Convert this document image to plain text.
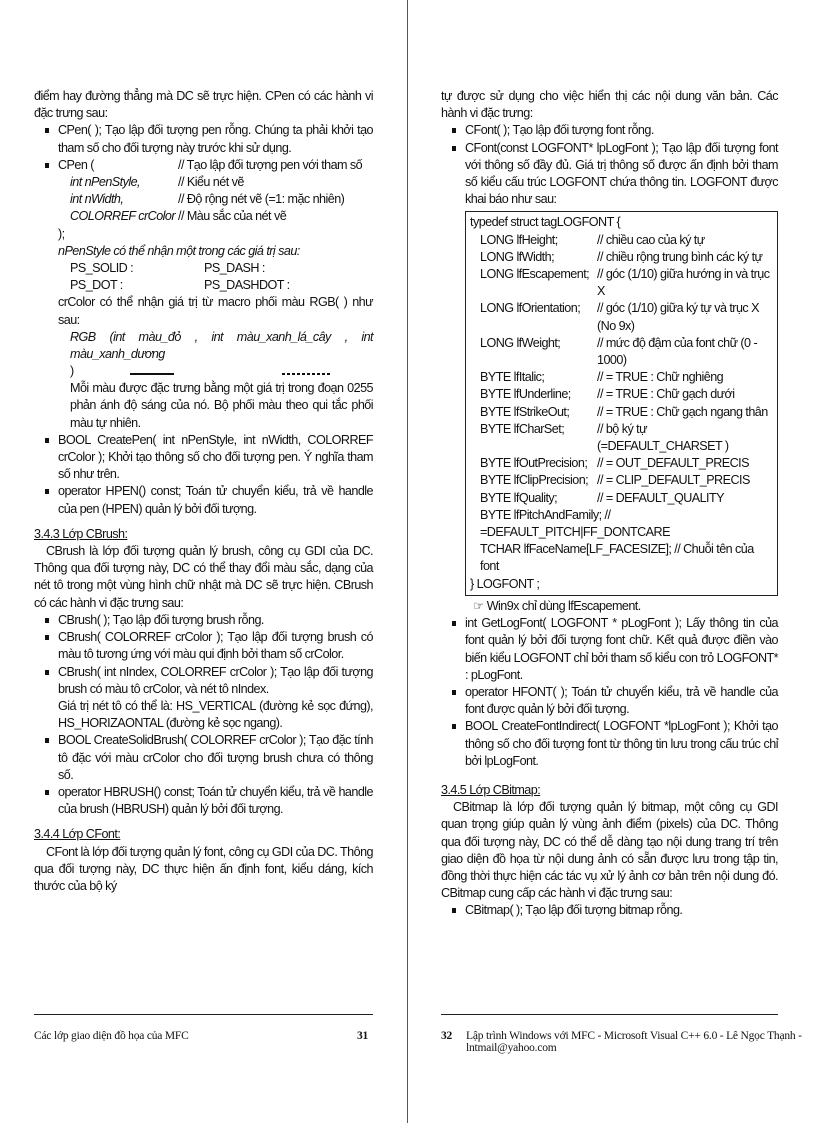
điểm hay đường thẳng mà DC sẽ trực hiện. CPen có các hành vi đặc trưng sau:

CPen( ); Tạo lập đối tượng pen rỗng. Chúng ta phải khởi tạo tham số cho đối tượng này trước khi sử dụng.

CPen (	// Tạo lập đối tượng pen với tham số
int nPenStyle,	// Kiểu nét vẽ
int nWidth,	// Độ rộng nét vẽ (=1: mặc nhiên)
COLORREF crColor // Màu sắc của nét vẽ

);

nPenStyle có thể nhận một trong các giá trị sau:

PS_SOLID :	PS_DASH :
PS_DOT :	PS_DASHDOT :

crColor có thể nhận giá trị từ macro phối màu RGB( ) như sau:

RGB (int màu_đỏ , int màu_xanh_lá_cây , int màu_xanh_dương

)

Mỗi màu được đặc trưng bằng một giá trị trong đoạn 0255 phản ánh độ sáng của nó. Bộ phối màu theo qui tắc phối màu tự nhiên.

BOOL CreatePen( int nPenStyle, int nWidth, COLORREF crColor ); Khởi tạo thông số cho đối tượng pen. Ý nghĩa tham số như trên.

operator HPEN() const; Toán tử chuyển kiểu, trả về handle của pen (HPEN) quản lý bởi đối tượng.

3.4.3 Lớp CBrush:

CBrush là lớp đối tượng quản lý brush, công cụ GDI của DC. Thông qua đối tượng này, DC có thể thay đổi màu sắc, dạng của nét tô trong một vùng hình chữ nhật mà DC sẽ trực hiện. CBrush có các hành vi đặc trưng sau:

CBrush( ); Tạo lập đối tượng brush rỗng.

CBrush( COLORREF crColor ); Tạo lập đối tượng brush có màu tô tương ứng với màu qui định bởi tham số crColor.

CBrush( int nIndex, COLORREF crColor ); Tạo lập đối tượng brush có màu tô crColor, và nét tô nIndex.

Giá trị nét tô có thể là: HS_VERTICAL (đường kẻ sọc đứng), HS_HORIZAONTAL (đường kẻ sọc ngang).

BOOL CreateSolidBrush( COLORREF crColor ); Tạo đặc tính tô đặc với màu crColor cho đối tượng brush chưa có thông số.

operator HBRUSH() const; Toán tử chuyển kiểu, trả về handle của brush (HBRUSH) quản lý bởi đối tượng.

3.4.4 Lớp CFont:

CFont là lớp đối tượng quản lý font, công cụ GDI của DC. Thông qua đối tượng này, DC thực hiện ấn định font, kiểu dáng, kích thước của bộ ký

Các lớp giao diện đồ họa của MFC	31

tự được sử dụng cho việc hiển thị các nội dung văn bản. Các hành vi đặc trưng:

CFont( ); Tạo lập đối tượng font rỗng.

CFont(const LOGFONT* lpLogFont ); Tạo lập đối tượng font với thông số đầy đủ. Giá trị thông số được ấn định bởi tham số kiểu cấu trúc LOGFONT chứa thông tin. LOGFONT được khai báo như sau:

typedef struct tagLOGFONT {
LONG lfHeight;	// chiều cao của ký tự
LONG lfWidth;	// chiều rộng trung bình các ký tự
LONG lfEscapement; // góc (1/10) giữa hướng in và trục X
LONG lfOrientation;	// góc (1/10) giữa ký tự và trục X (No 9x)
LONG lfWeight;	// mức độ đậm của font chữ (0 - 1000)
BYTE lfItalic;	// = TRUE : Chữ nghiêng
BYTE lfUnderline;	// = TRUE : Chữ gạch dưới
BYTE lfStrikeOut;	// = TRUE : Chữ gạch ngang thân
BYTE lfCharSet;	// bộ ký tự (=DEFAULT_CHARSET )
BYTE lfOutPrecision; // = OUT_DEFAULT_PRECIS
BYTE lfClipPrecision; // = CLIP_DEFAULT_PRECIS
BYTE lfQuality;	// = DEFAULT_QUALITY
BYTE lfPitchAndFamily; // =DEFAULT_PITCH|FF_DONTCARE
TCHAR lfFaceName[LF_FACESIZE]; // Chuỗi tên của font
} LOGFONT ;

☞ Win9x chỉ dùng lfEscapement.

int GetLogFont( LOGFONT * pLogFont ); Lấy thông tin của font quản lý bởi đối tượng font chữ. Kết quả được điền vào biến kiểu LOGFONT chỉ bởi tham số kiểu con trỏ LOGFONT* : pLogFont.

operator HFONT( ); Toán tử chuyển kiểu, trả về handle của font được quản lý bởi đối tượng.

BOOL CreateFontIndirect( LOGFONT *lpLogFont ); Khởi tạo thông số cho đối tượng font từ thông tin lưu trong cấu trúc chỉ bởi lpLogFont.

3.4.5 Lớp CBitmap:

CBitmap là lớp đối tượng quản lý bitmap, một công cụ GDI quan trọng giúp quản lý vùng ảnh điểm (pixels) của DC. Thông qua đối tượng này, DC có thể dễ dàng tạo nội dung trang trí trên giao diện đồ họa từ nội dung ảnh có sẵn được lưu trong tập tin, đồng thời thực hiện các tác vụ xử lý ảnh cơ bản trên nội dung đó. CBitmap cung cấp các hành vi đặc trưng sau:

CBitmap( ); Tạo lập đối tượng bitmap rỗng.

32 Lập trình Windows với MFC - Microsoft Visual C++ 6.0 - Lê Ngọc Thạnh - lntmail@yahoo.com
